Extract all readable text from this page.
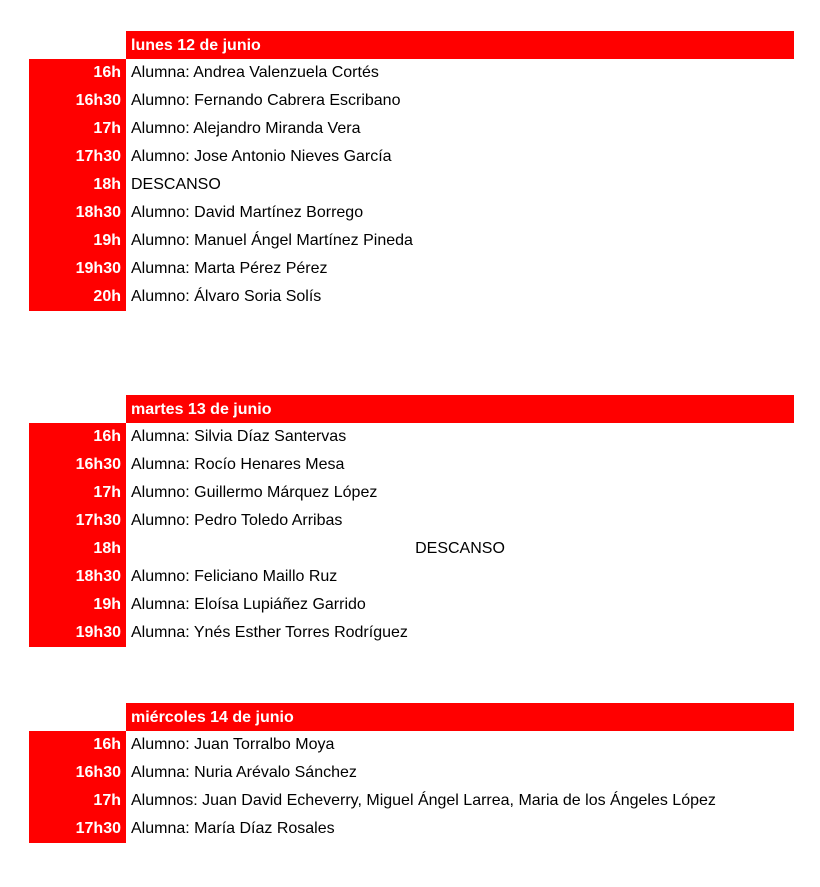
lunes 12 de junio
16h Alumna: Andrea Valenzuela Cortés
16h30 Alumno: Fernando Cabrera Escribano
17h Alumno: Alejandro Miranda Vera
17h30 Alumno: Jose Antonio Nieves García
18h DESCANSO
18h30 Alumno: David Martínez Borrego
19h Alumno: Manuel Ángel Martínez Pineda
19h30 Alumna: Marta Pérez Pérez
20h Alumno: Álvaro Soria Solís
martes 13 de junio
16h Alumna: Silvia Díaz Santervas
16h30 Alumna: Rocío Henares Mesa
17h Alumno: Guillermo Márquez López
17h30 Alumno: Pedro Toledo Arribas
18h	DESCANSO
18h30 Alumno: Feliciano Maillo Ruz
19h Alumna: Eloísa Lupiáñez Garrido
19h30 Alumna: Ynés Esther Torres Rodríguez
miércoles 14 de junio
16h Alumno: Juan Torralbo Moya
16h30 Alumna: Nuria Arévalo Sánchez
17h Alumnos: Juan David Echeverry, Miguel Ángel Larrea, Maria de los Ángeles López
17h30 Alumna: María Díaz Rosales
